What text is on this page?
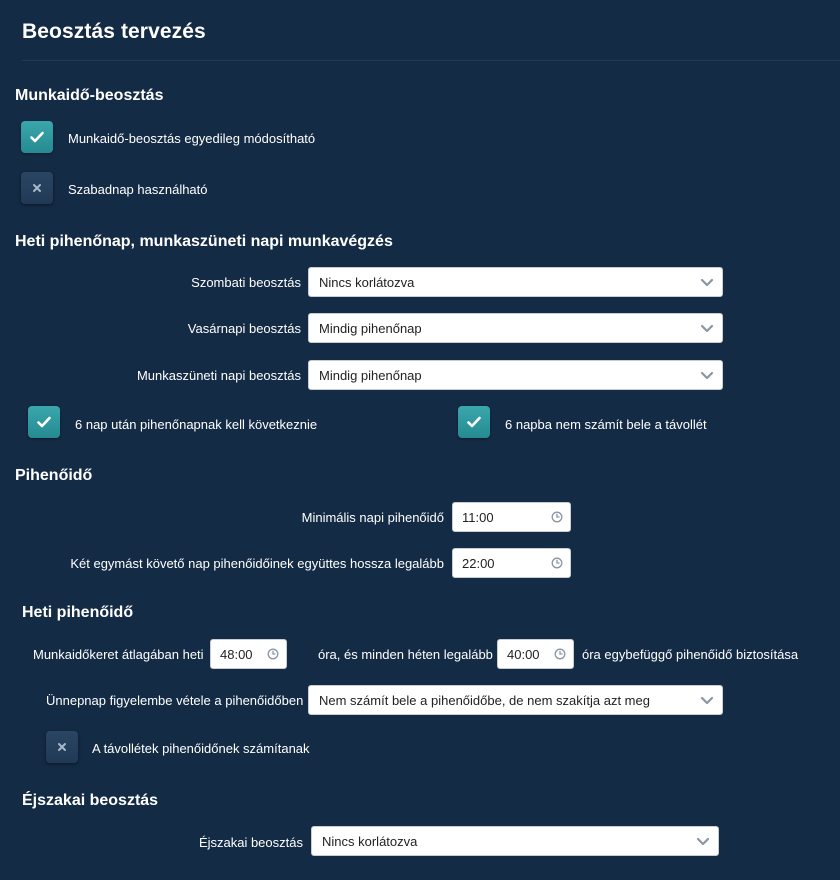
Beosztás tervezés
Munkaidő-beosztás
Munkaidő-beosztás egyedileg módosítható
Szabadnap használható
Heti pihenőnap, munkaszüneti napi munkavégzés
Szombati beosztás Nincs korlátozva
Vasárnapi beosztás Mindig pihenőnap
Munkaszüneti napi beosztás Mindig pihenőnap
6 nap után pihenőnapnak kell következnie	6 napba nem számít bele a távollét
Pihenőidő
Minimális napi pihenőidő 11:00
Két egymást követő nap pihenőidőinek együttes hossza legalább 22:00
Heti pihenőidő
Munkaidőkeret átlagában heti 48:00	óra, és minden héten legalább 40:00	óra egybefüggő pihenőidő biztosítása
Ünnepnap figyelembe vétele a pihenőidőben Nem számít bele a pihenőidőbe, de nem szakítja azt meg
A távollétek pihenőidőnek számítanak
Éjszakai beosztás
Éjszakai beosztás Nincs korlátozva
